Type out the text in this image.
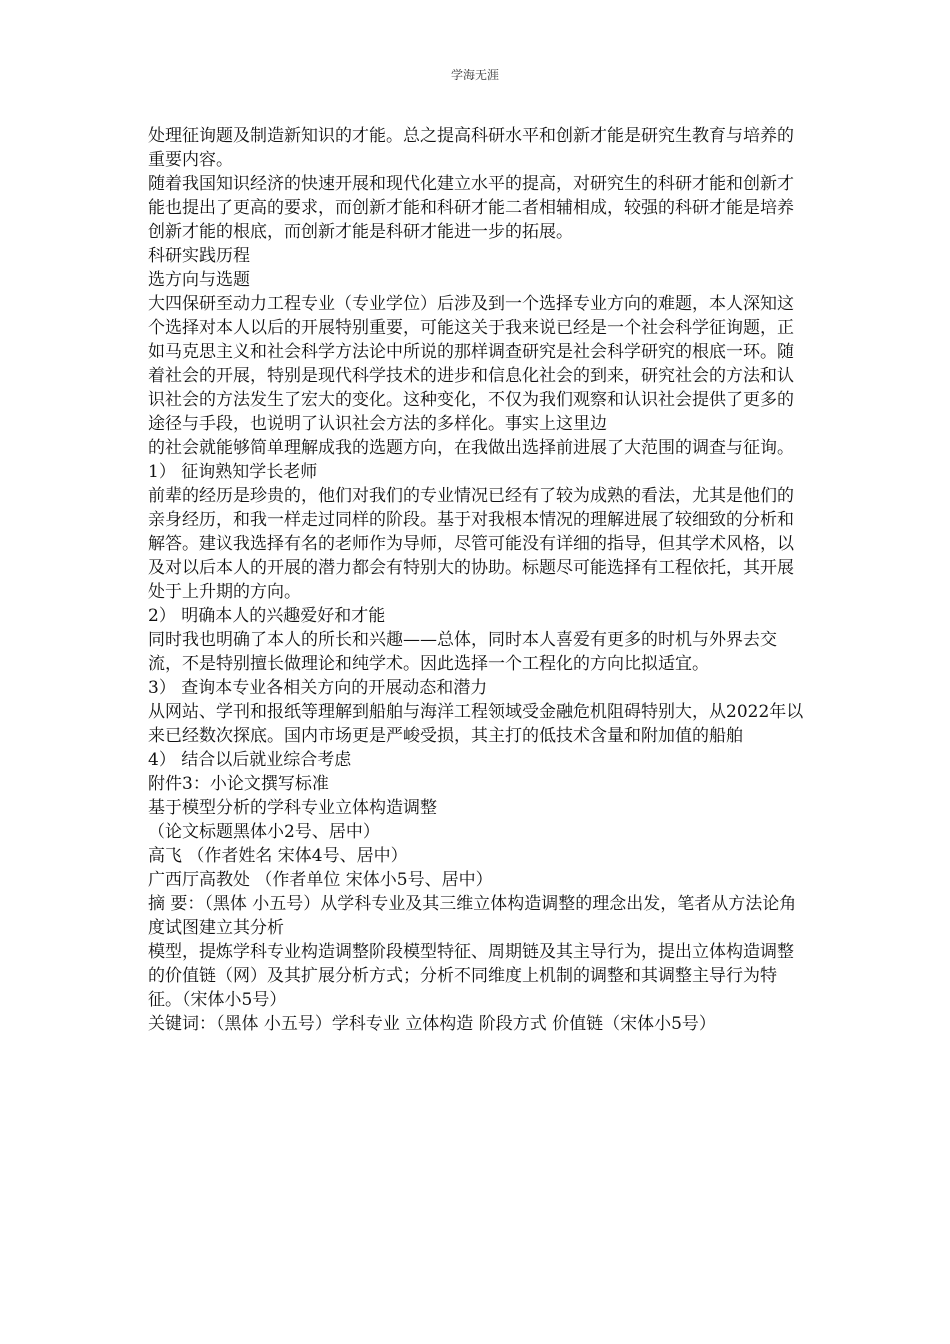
学海无涯

处理征询题及制造新知识的才能。总之提高科研水平和创新才能是研究生教育与培养的重要内容。

随着我国知识经济的快速开展和现代化建立水平的提高，对研究生的科研才能和创新才能也提出了更高的要求，而创新才能和科研才能二者相辅相成，较强的科研才能是培养创新才能的根底，而创新才能是科研才能进一步的拓展。

科研实践历程

选方向与选题

大四保研至动力工程专业（专业学位）后涉及到一个选择专业方向的难题，本人深知这个选择对本人以后的开展特别重要，可能这关于我来说已经是一个社会科学征询题，正如马克思主义和社会科学方法论中所说的那样调查研究是社会科学研究的根底一环。随着社会的开展，特别是现代科学技术的进步和信息化社会的到来，研究社会的方法和认识社会的方法发生了宏大的变化。这种变化，不仅为我们观察和认识社会提供了更多的途径与手段，也说明了认识社会方法的多样化。事实上这里边

的社会就能够简单理解成我的选题方向，在我做出选择前进展了大范围的调查与征询。

1） 征询熟知学长老师

前辈的经历是珍贵的，他们对我们的专业情况已经有了较为成熟的看法，尤其是他们的亲身经历，和我一样走过同样的阶段。基于对我根本情况的理解进展了较细致的分析和解答。建议我选择有名的老师作为导师，尽管可能没有详细的指导，但其学术风格，以及对以后本人的开展的潜力都会有特别大的协助。标题尽可能选择有工程依托，其开展处于上升期的方向。

2） 明确本人的兴趣爱好和才能

同时我也明确了本人的所长和兴趣——总体，同时本人喜爱有更多的时机与外界去交流，不是特别擅长做理论和纯学术。因此选择一个工程化的方向比拟适宜。

3） 查询本专业各相关方向的开展动态和潜力

从网站、学刊和报纸等理解到船舶与海洋工程领域受金融危机阻碍特别大，从2022年以来已经数次探底。国内市场更是严峻受损，其主打的低技术含量和附加值的船舶

4） 结合以后就业综合考虑

附件3：小论文撰写标准

基于模型分析的学科专业立体构造调整

（论文标题黑体小2号、居中）

高飞 （作者姓名 宋体4号、居中）

广西厅高教处 （作者单位 宋体小5号、居中）

摘 要：（黑体 小五号）从学科专业及其三维立体构造调整的理念出发，笔者从方法论角度试图建立其分析

模型，提炼学科专业构造调整阶段模型特征、周期链及其主导行为，提出立体构造调整的价值链（网）及其扩展分析方式；分析不同维度上机制的调整和其调整主导行为特征。（宋体小5号）

关键词：（黑体 小五号）学科专业 立体构造 阶段方式 价值链（宋体小5号）
